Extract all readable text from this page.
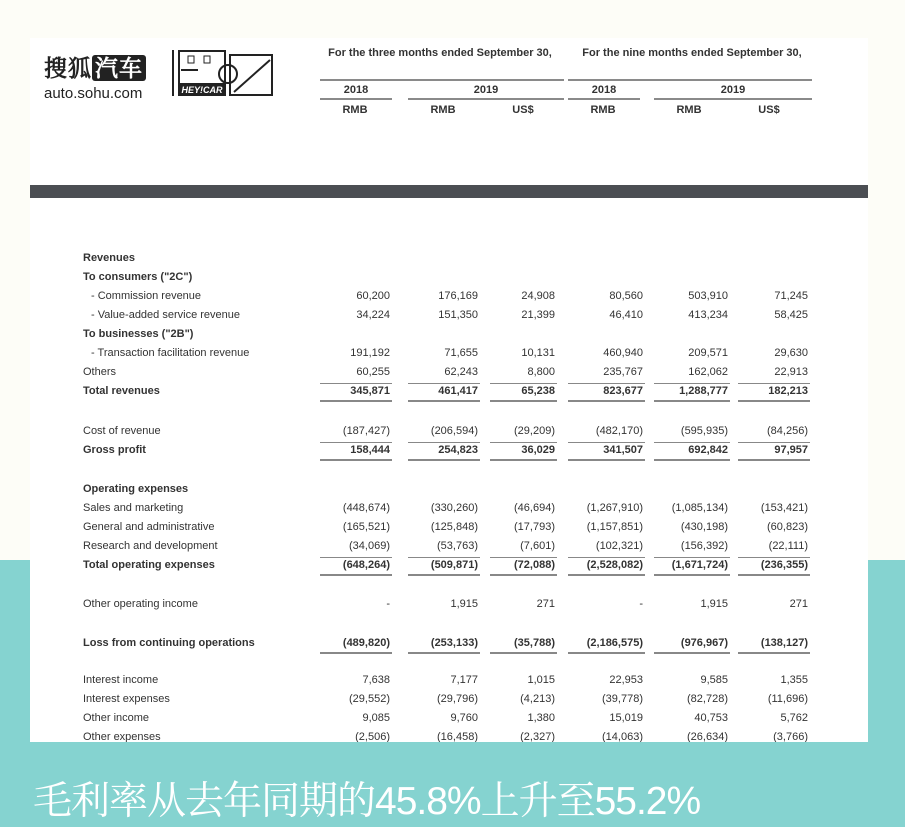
搜狐 汽车
auto.sohu.com	HEY!CAR
For the three months ended September 30,	For the nine months ended September 30,
2018	2019	2018	2019
RMB	RMB	US$	RMB	RMB	US$
Revenues
To consumers ("2C")
- Commission revenue	60,200	176,169	24,908	80,560	503,910	71,245
- Value-added service revenue	34,224	151,350	21,399	46,410	413,234	58,425
To businesses ("2B")
- Transaction facilitation revenue	191,192	71,655	10,131	460,940	209,571	29,630
Others	60,255	62,243	8,800	235,767	162,062	22,913
Total revenues	345,871	461,417	65,238	823,677	1,288,777	182,213
Cost of revenue	(187,427)	(206,594)	(29,209)	(482,170)	(595,935)	(84,256)
Gross profit	158,444	254,823	36,029	341,507	692,842	97,957
Operating expenses
Sales and marketing	(448,674)	(330,260)	(46,694)	(1,267,910)	(1,085,134)	(153,421)
General and administrative	(165,521)	(125,848)	(17,793)	(1,157,851)	(430,198)	(60,823)
Research and development	(34,069)	(53,763)	(7,601)	(102,321)	(156,392)	(22,111)
Total operating expenses	(648,264)	(509,871)	(72,088)	(2,528,082)	(1,671,724)	(236,355)
Other operating income	-	1,915	271	-	1,915	271
Loss from continuing operations	(489,820)	(253,133)	(35,788)	(2,186,575)	(976,967)	(138,127)
Interest income	7,638	7,177	1,015	22,953	9,585	1,355
Interest expenses	(29,552)	(29,796)	(4,213)	(39,778)	(82,728)	(11,696)
Other income	9,085	9,760	1,380	15,019	40,753	5,762
Other expenses	(2,506)	(16,458)	(2,327)	(14,063)	(26,634)	(3,766)
毛利率从去年同期的45.8%上升至55.2%
